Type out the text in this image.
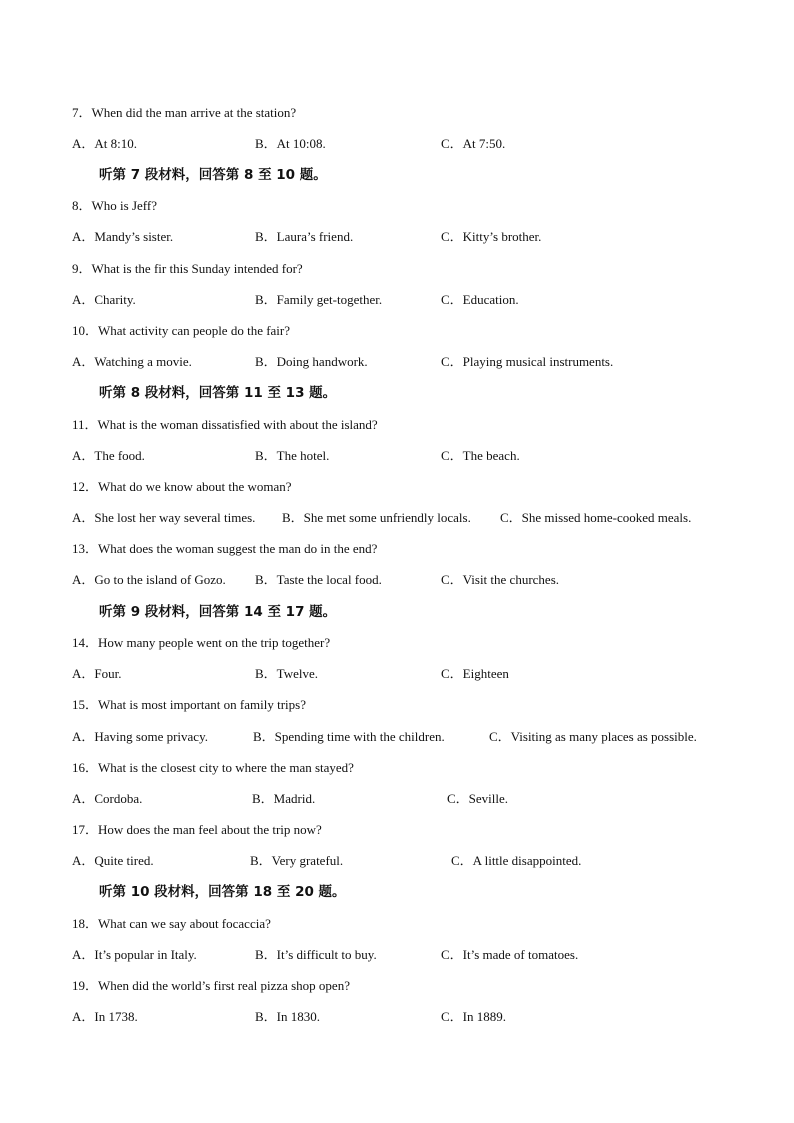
7．When did the man arrive at the station?
A．At 8:10.	B．At 10:08.	C．At 7:50.
听第 7 段材料，回答第 8 至 10 题。
8．Who is Jeff?
A．Mandy’s sister.	B．Laura’s friend.	C．Kitty’s brother.
9．What is the fir this Sunday intended for?
A．Charity.	B．Family get-together.	C．Education.
10．What activity can people do the fair?
A．Watching a movie.	B．Doing handwork.	C．Playing musical instruments.
听第 8 段材料，回答第 11 至 13 题。
11．What is the woman dissatisfied with about the island?
A．The food.	B．The hotel.	C．The beach.
12．What do we know about the woman?
A．She lost her way several times. B．She met some unfriendly locals. C．She missed home-cooked meals.
13．What does the woman suggest the man do in the end?
A．Go to the island of Gozo. B．Taste the local food.	C．Visit the churches.
听第 9 段材料，回答第 14 至 17 题。
14．How many people went on the trip together?
A．Four.	B．Twelve.	C．Eighteen
15．What is most important on family trips?
A．Having some privacy.	B．Spending time with the children.	C．Visiting as many places as possible.
16．What is the closest city to where the man stayed?
A．Cordoba.	B．Madrid.	C．Seville.
17．How does the man feel about the trip now?
A．Quite tired.	B．Very grateful.	C．A little disappointed.
听第 10 段材料，回答第 18 至 20 题。
18．What can we say about focaccia?
A．It’s popular in Italy.	B．It’s difficult to buy.	C．It’s made of tomatoes.
19．When did the world’s first real pizza shop open?
A．In 1738.	B．In 1830.	C．In 1889.
